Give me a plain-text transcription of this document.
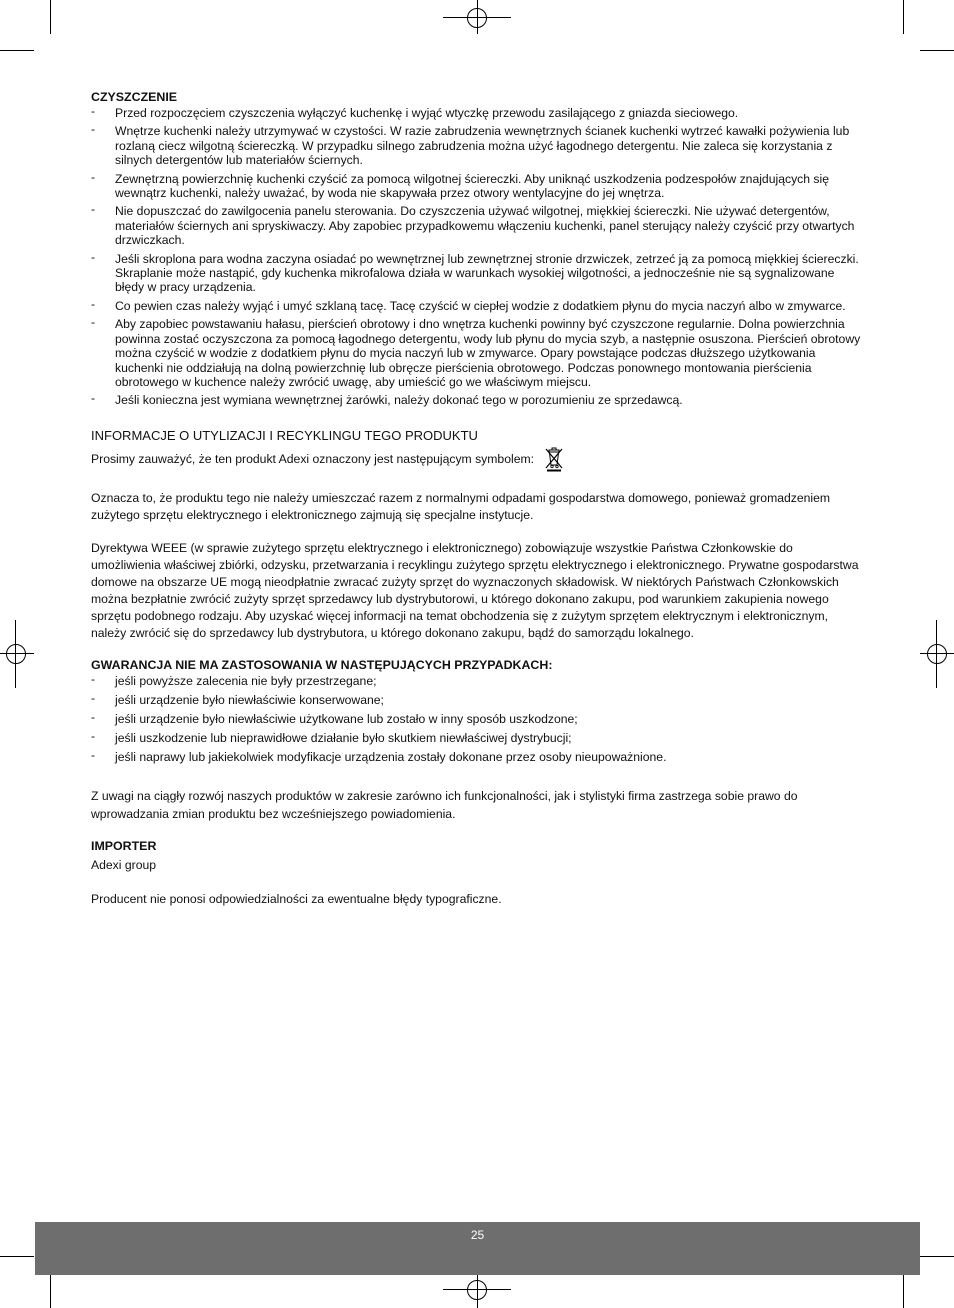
CZYSZCZENIE
- Przed rozpoczęciem czyszczenia wyłączyć kuchenkę i wyjąć wtyczkę przewodu zasilającego z gniazda sieciowego.
- Wnętrze kuchenki należy utrzymywać w czystości. W razie zabrudzenia wewnętrznych ścianek kuchenki wytrzeć kawałki pożywienia lub rozlaną ciecz wilgotną ściereczką. W przypadku silnego zabrudzenia można użyć łagodnego detergentu. Nie zaleca się korzystania z silnych detergentów lub materiałów ściernych.
- Zewnętrzną powierzchnię kuchenki czyścić za pomocą wilgotnej ściereczki. Aby uniknąć uszkodzenia podzespołów znajdujących się wewnątrz kuchenki, należy uważać, by woda nie skapywała przez otwory wentylacyjne do jej wnętrza.
- Nie dopuszczać do zawilgocenia panelu sterowania. Do czyszczenia używać wilgotnej, miękkiej ściereczki. Nie używać detergentów, materiałów ściernych ani spryskiwaczy. Aby zapobiec przypadkowemu włączeniu kuchenki, panel sterujący należy czyścić przy otwartych drzwiczkach.
- Jeśli skroplona para wodna zaczyna osiadać po wewnętrznej lub zewnętrznej stronie drzwiczek, zetrzeć ją za pomocą miękkiej ściereczki. Skraplanie może nastąpić, gdy kuchenka mikrofalowa działa w warunkach wysokiej wilgotności, a jednocześnie nie są sygnalizowane błędy w pracy urządzenia.
- Co pewien czas należy wyjąć i umyć szklaną tacę. Tacę czyścić w ciepłej wodzie z dodatkiem płynu do mycia naczyń albo w zmywarce.
- Aby zapobiec powstawaniu hałasu, pierścień obrotowy i dno wnętrza kuchenki powinny być czyszczone regularnie. Dolna powierzchnia powinna zostać oczyszczona za pomocą łagodnego detergentu, wody lub płynu do mycia szyb, a następnie osuszona. Pierścień obrotowy można czyścić w wodzie z dodatkiem płynu do mycia naczyń lub w zmywarce. Opary powstające podczas dłuższego użytkowania kuchenki nie oddziałują na dolną powierzchnię lub obręcze pierścienia obrotowego. Podczas ponownego montowania pierścienia obrotowego w kuchence należy zwrócić uwagę, aby umieścić go we właściwym miejscu.
- Jeśli konieczna jest wymiana wewnętrznej żarówki, należy dokonać tego w porozumieniu ze sprzedawcą.
INFORMACJE O UTYLIZACJI I RECYKLINGU TEGO PRODUKTU
Prosimy zauważyć, że ten produkt Adexi oznaczony jest następującym symbolem:

Oznacza to, że produktu tego nie należy umieszczać razem z normalnymi odpadami gospodarstwa domowego, ponieważ gromadzeniem zużytego sprzętu elektrycznego i elektronicznego zajmują się specjalne instytucje.

Dyrektywa WEEE (w sprawie zużytego sprzętu elektrycznego i elektronicznego) zobowiązuje wszystkie Państwa Członkowskie do umożliwienia właściwej zbiórki, odzysku, przetwarzania i recyklingu zużytego sprzętu elektrycznego i elektronicznego. Prywatne gospodarstwa domowe na obszarze UE mogą nieodpłatnie zwracać zużyty sprzęt do wyznaczonych składowisk. W niektórych Państwach Członkowskich można bezpłatnie zwrócić zużyty sprzęt sprzedawcy lub dystrybutorowi, u którego dokonano zakupu, pod warunkiem zakupienia nowego sprzętu podobnego rodzaju. Aby uzyskać więcej informacji na temat obchodzenia się z zużytym sprzętem elektrycznym i elektronicznym, należy zwrócić się do sprzedawcy lub dystrybutora, u którego dokonano zakupu, bądź do samorządu lokalnego.

GWARANCJA NIE MA ZASTOSOWANIA W NASTĘPUJĄCYCH PRZYPADKACH:
- jeśli powyższe zalecenia nie były przestrzegane;
- jeśli urządzenie było niewłaściwie konserwowane;
- jeśli urządzenie było niewłaściwie użytkowane lub zostało w inny sposób uszkodzone;
- jeśli uszkodzenie lub nieprawidłowe działanie było skutkiem niewłaściwej dystrybucji;
- jeśli naprawy lub jakiekolwiek modyfikacje urządzenia zostały dokonane przez osoby nieupoważnione.

Z uwagi na ciągły rozwój naszych produktów w zakresie zarówno ich funkcjonalności, jak i stylistyki firma zastrzega sobie prawo do wprowadzania zmian produktu bez wcześniejszego powiadomienia.

IMPORTER

Adexi group

Producent nie ponosi odpowiedzialności za ewentualne błędy typograficzne.

25
